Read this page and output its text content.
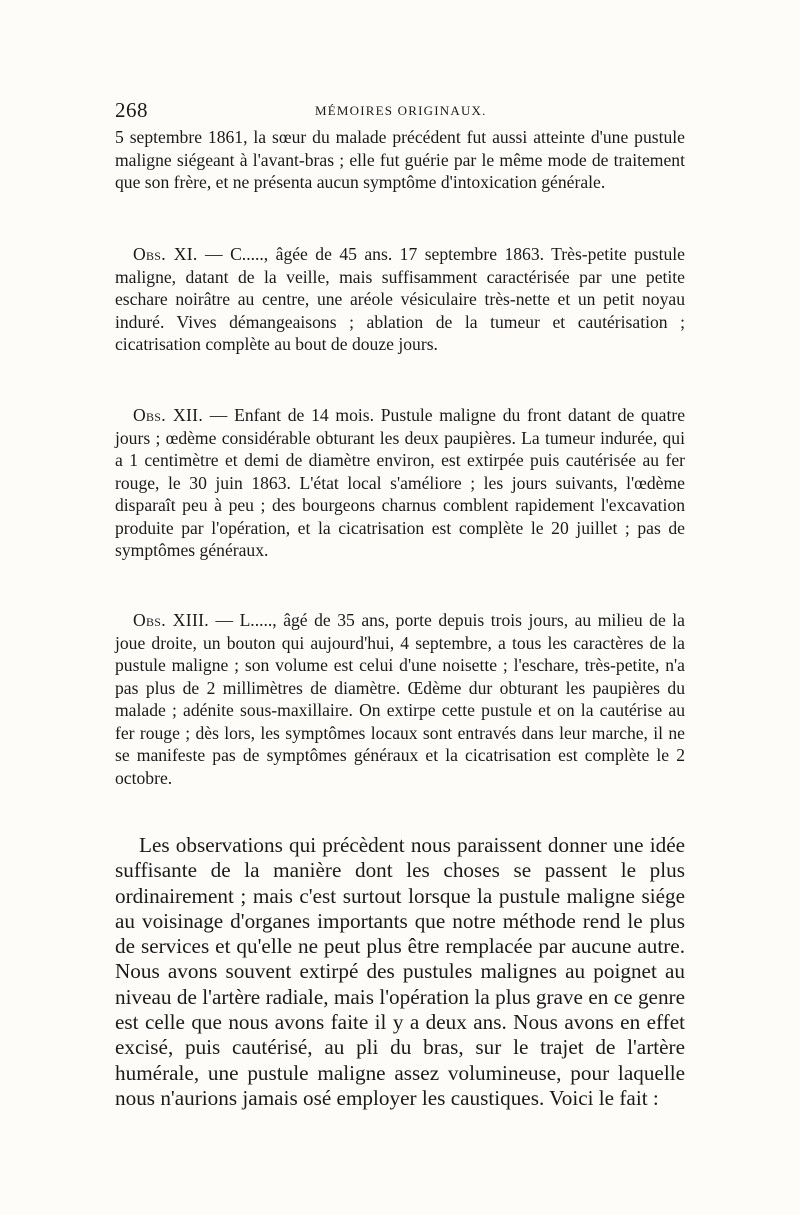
268	MÉMOIRES ORIGINAUX.

5 septembre 1861, la sœur du malade précédent fut aussi atteinte d'une pustule maligne siégeant à l'avant-bras ; elle fut guérie par le même mode de traitement que son frère, et ne présenta aucun symptôme d'intoxication générale.

Obs. XI. — C....., âgée de 45 ans. 17 septembre 1863. Très-petite pustule maligne, datant de la veille, mais suffisamment caractérisée par une petite eschare noirâtre au centre, une aréole vésiculaire très-nette et un petit noyau induré. Vives démangeaisons ; ablation de la tumeur et cautérisation ; cicatrisation complète au bout de douze jours.

Obs. XII. — Enfant de 14 mois. Pustule maligne du front datant de quatre jours ; œdème considérable obturant les deux paupières. La tumeur indurée, qui a 1 centimètre et demi de diamètre environ, est extirpée puis cautérisée au fer rouge, le 30 juin 1863. L'état local s'améliore ; les jours suivants, l'œdème disparaît peu à peu ; des bourgeons charnus comblent rapidement l'excavation produite par l'opération, et la cicatrisation est complète le 20 juillet ; pas de symptômes généraux.

Obs. XIII. — L....., âgé de 35 ans, porte depuis trois jours, au milieu de la joue droite, un bouton qui aujourd'hui, 4 septembre, a tous les caractères de la pustule maligne ; son volume est celui d'une noisette ; l'eschare, très-petite, n'a pas plus de 2 millimètres de diamètre. Œdème dur obturant les paupières du malade ; adénite sous-maxillaire. On extirpe cette pustule et on la cautérise au fer rouge ; dès lors, les symptômes locaux sont entravés dans leur marche, il ne se manifeste pas de symptômes généraux et la cicatrisation est complète le 2 octobre.

Les observations qui précèdent nous paraissent donner une idée suffisante de la manière dont les choses se passent le plus ordinairement ; mais c'est surtout lorsque la pustule maligne siége au voisinage d'organes importants que notre méthode rend le plus de services et qu'elle ne peut plus être remplacée par aucune autre. Nous avons souvent extirpé des pustules malignes au poignet au niveau de l'artère radiale, mais l'opération la plus grave en ce genre est celle que nous avons faite il y a deux ans. Nous avons en effet excisé, puis cautérisé, au pli du bras, sur le trajet de l'artère humérale, une pustule maligne assez volumineuse, pour laquelle nous n'aurions jamais osé employer les caustiques. Voici le fait :
